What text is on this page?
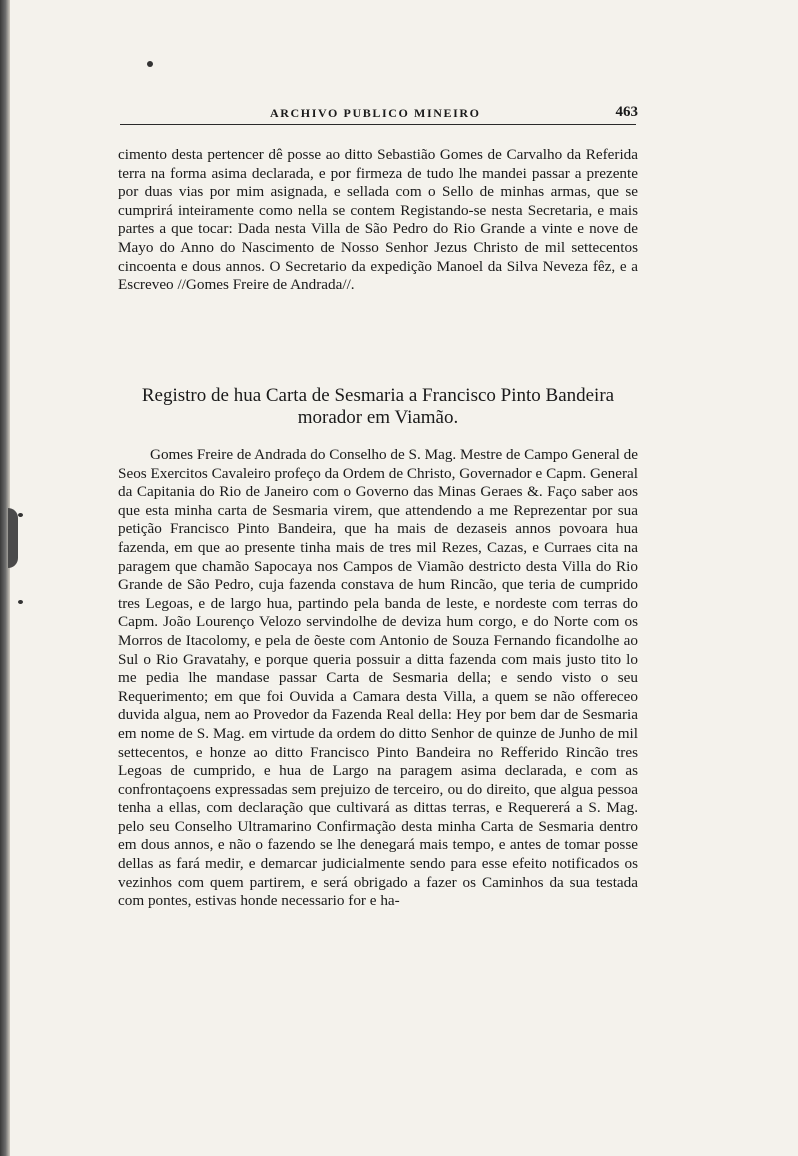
ARCHIVO PUBLICO MINEIRO	463

cimento desta pertencer dê posse ao ditto Sebastião Gomes de Carvalho da Referida terra na forma asima declarada, e por firmeza de tudo lhe mandei passar a prezente por duas vias por mim asignada, e sellada com o Sello de minhas armas, que se cumprirá inteiramente como nella se contem Registando-se nesta Secretaria, e mais partes a que tocar: Dada nesta Villa de São Pedro do Rio Grande a vinte e nove de Mayo do Anno do Nascimento de Nosso Senhor Jezus Christo de mil settecentos cincoenta e dous annos. O Secretario da expedição Manoel da Silva Neveza fêz, e a Escreveo //Gomes Freire de Andrada//.

Registro de hua Carta de Sesmaria a Francisco Pinto Bandeira morador em Viamão.

Gomes Freire de Andrada do Conselho de S. Mag. Mestre de Campo General de Seos Exercitos Cavaleiro profeço da Ordem de Christo, Governador e Capm. General da Capitania do Rio de Janeiro com o Governo das Minas Geraes &. Faço saber aos que esta minha carta de Sesmaria virem, que attendendo a me Reprezentar por sua petição Francisco Pinto Bandeira, que ha mais de dezaseis annos povoara hua fazenda, em que ao presente tinha mais de tres mil Rezes, Cazas, e Curraes cita na paragem que chamão Sapocaya nos Campos de Viamão destricto desta Villa do Rio Grande de São Pedro, cuja fazenda constava de hum Rincão, que teria de cumprido tres Legoas, e de largo hua, partindo pela banda de leste, e nordeste com terras do Capm. João Lourenço Velozo servindolhe de deviza hum corgo, e do Norte com os Morros de Itacolomy, e pela de õeste com Antonio de Souza Fernando ficandolhe ao Sul o Rio Gravatahy, e porque queria possuir a ditta fazenda com mais justo tito lo me pedia lhe mandase passar Carta de Sesmaria della; e sendo visto o seu Requerimento; em que foi Ouvida a Camara desta Villa, a quem se não offereceo duvida algua, nem ao Provedor da Fazenda Real della: Hey por bem dar de Sesmaria em nome de S. Mag. em virtude da ordem do ditto Senhor de quinze de Junho de mil settecentos, e honze ao ditto Francisco Pinto Bandeira no Refferido Rincão tres Legoas de cumprido, e hua de Largo na paragem asima declarada, e com as confrontaçoens expressadas sem prejuizo de terceiro, ou do direito, que algua pessoa tenha a ellas, com declaração que cultivará as dittas terras, e Requererá a S. Mag. pelo seu Conselho Ultramarino Confirmação desta minha Carta de Sesmaria dentro em dous annos, e não o fazendo se lhe denegará mais tempo, e antes de tomar posse dellas as fará medir, e demarcar judicialmente sendo para esse efeito notificados os vezinhos com quem partirem, e será obrigado a fazer os Caminhos da sua testada com pontes, estivas honde necessario for e ha-
